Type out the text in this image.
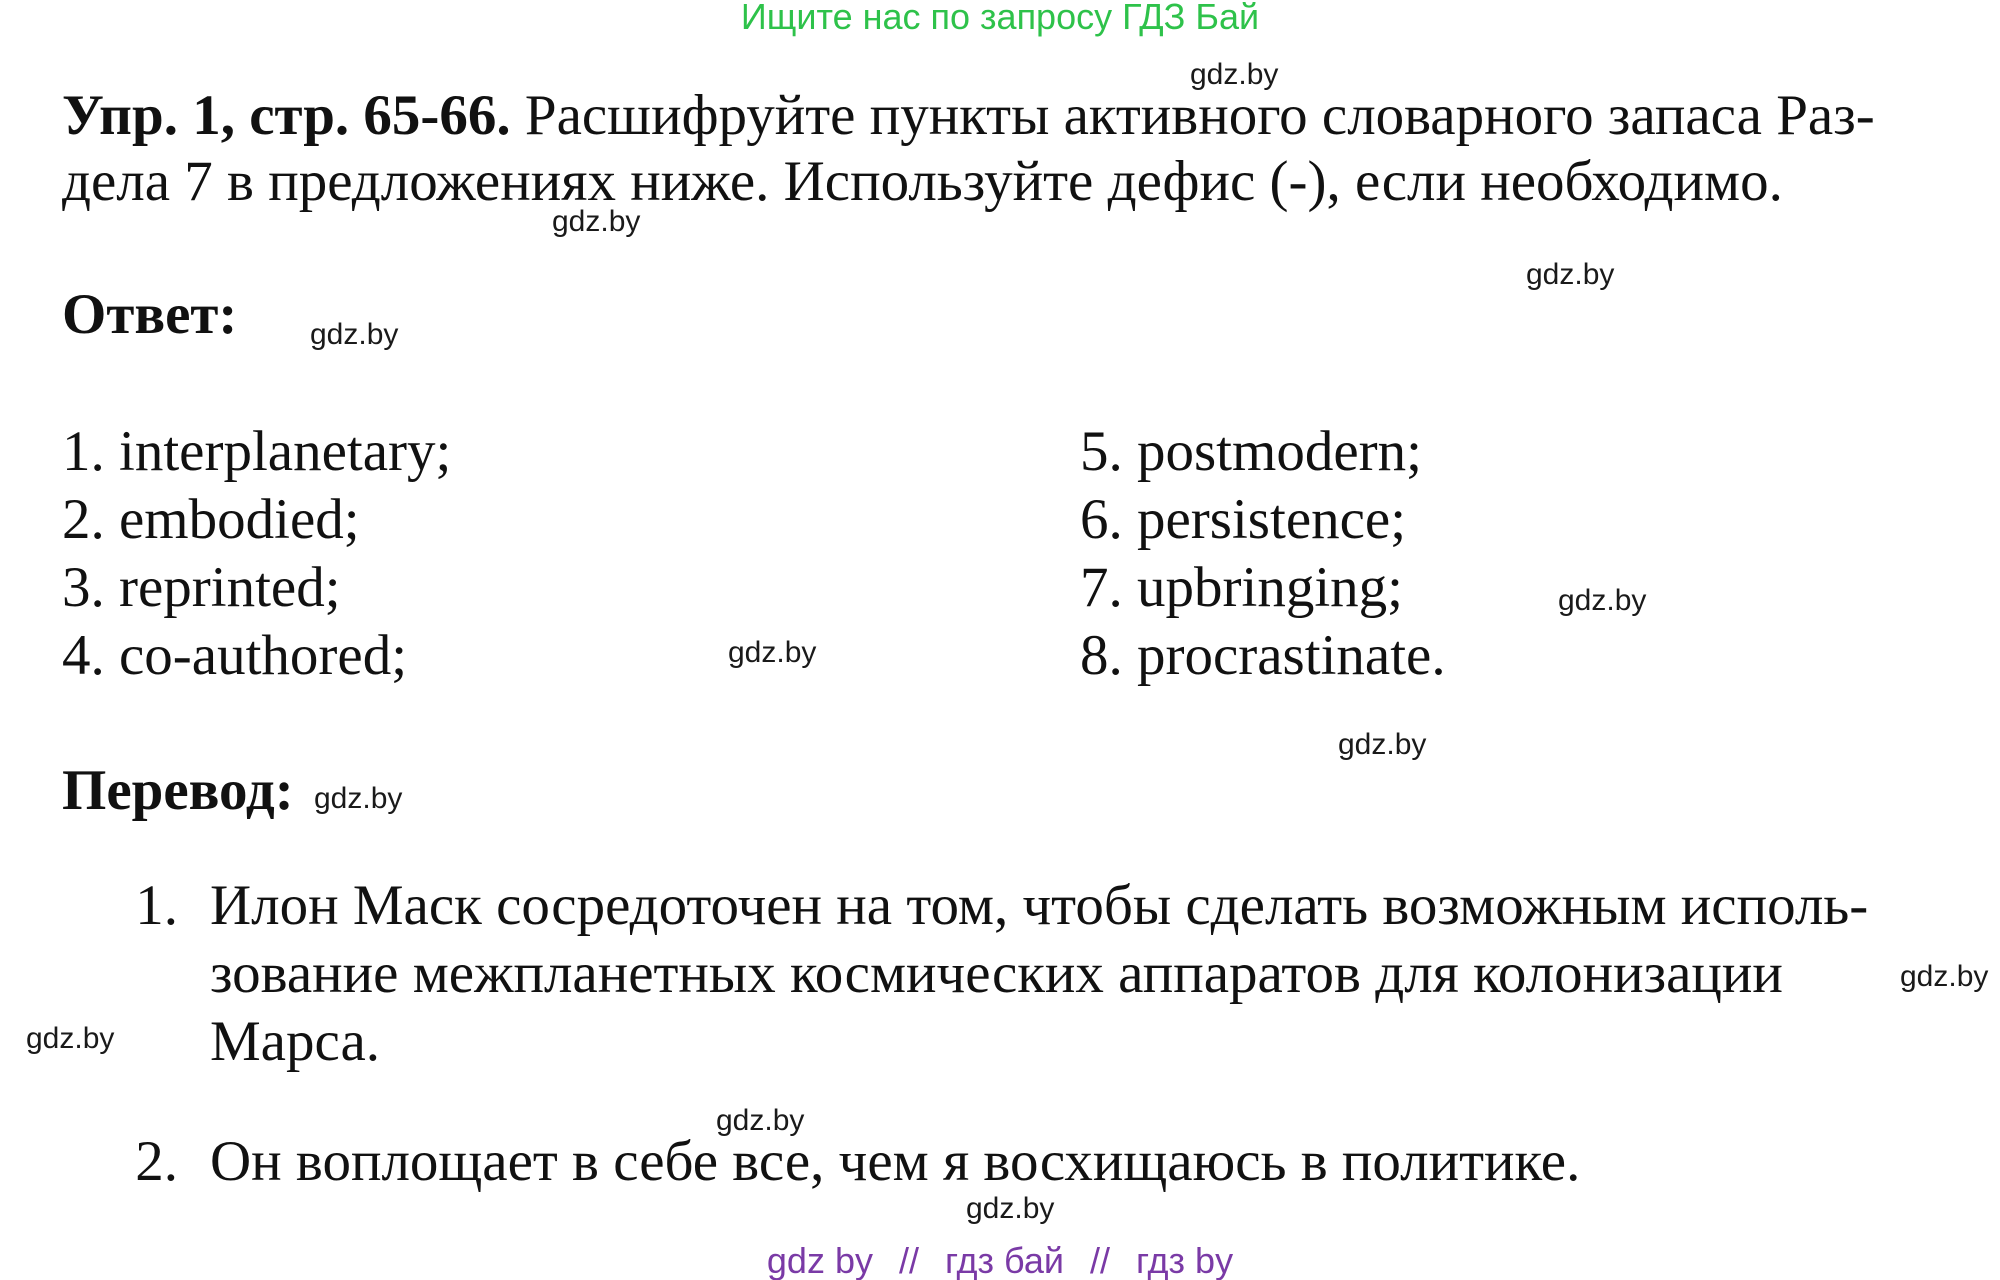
Ищите нас по запросу ГДЗ Бай
gdz.by
gdz.by
gdz.by
gdz.by
gdz.by
gdz.by
gdz.by
gdz.by
gdz.by
gdz.by
gdz.by
gdz.by
Упр. 1, стр. 65-66. Расшифруйте пункты активного словарного запаса Раз-
дела 7 в предложениях ниже. Используйте дефис (-), если необходимо.
Ответ:
1. interplanetary;
2. embodied;
3. reprinted;
4. co-authored;
5. postmodern;
6. persistence;
7. upbringing;
8. procrastinate.
Перевод:
1. Илон Маск сосредоточен на том, чтобы сделать возможным исполь-
зование межпланетных космических аппаратов для колонизации
Марса.
2. Он воплощает в себе все, чем я восхищаюсь в политике.
gdz by // гдз бай // гдз by
